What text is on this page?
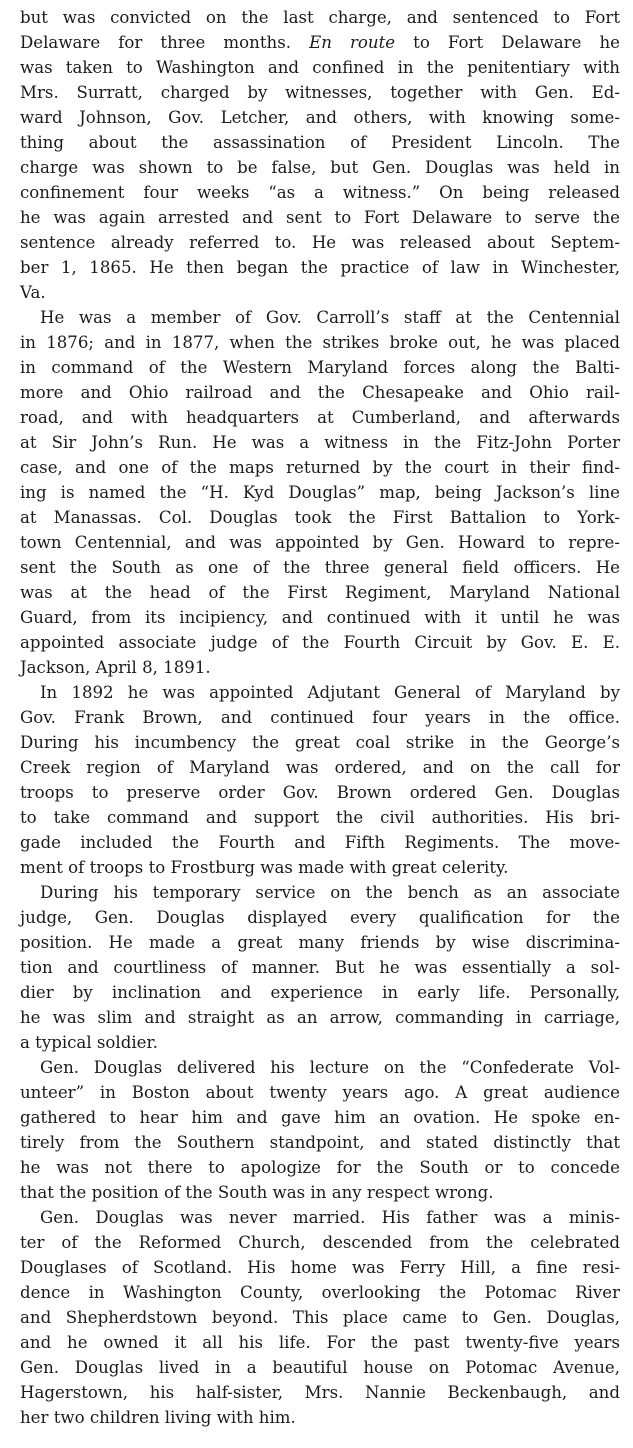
but was convicted on the last charge, and sentenced to Fort

Delaware for three months. En route to Fort Delaware he

was taken to Washington and confined in the penitentiary with

Mrs. Surratt, charged by witnesses, together with Gen. Ed-

ward Johnson, Gov. Letcher, and others, with knowing some-

thing about the assassination of President Lincoln. The

charge was shown to be false, but Gen. Douglas was held in

confinement four weeks “as a witness.” On being released

he was again arrested and sent to Fort Delaware to serve the

sentence already referred to. He was released about Septem-

ber 1, 1865. He then began the practice of law in Winchester,

Va.

He was a member of Gov. Carroll’s staff at the Centennial

in 1876; and in 1877, when the strikes broke out, he was placed

in command of the Western Maryland forces along the Balti-

more and Ohio railroad and the Chesapeake and Ohio rail-

road, and with headquarters at Cumberland, and afterwards

at Sir John’s Run. He was a witness in the Fitz-John Porter

case, and one of the maps returned by the court in their find-

ing is named the “H. Kyd Douglas” map, being Jackson’s line

at Manassas. Col. Douglas took the First Battalion to York-

town Centennial, and was appointed by Gen. Howard to repre-

sent the South as one of the three general field officers. He

was at the head of the First Regiment, Maryland National

Guard, from its incipiency, and continued with it until he was

appointed associate judge of the Fourth Circuit by Gov. E. E.

Jackson, April 8, 1891.

In 1892 he was appointed Adjutant General of Maryland by

Gov. Frank Brown, and continued four years in the office.

During his incumbency the great coal strike in the George’s

Creek region of Maryland was ordered, and on the call for

troops to preserve order Gov. Brown ordered Gen. Douglas

to take command and support the civil authorities. His bri-

gade included the Fourth and Fifth Regiments. The move-

ment of troops to Frostburg was made with great celerity.

During his temporary service on the bench as an associate

judge, Gen. Douglas displayed every qualification for the

position. He made a great many friends by wise discrimina-

tion and courtliness of manner. But he was essentially a sol-

dier by inclination and experience in early life. Personally,

he was slim and straight as an arrow, commanding in carriage,

a typical soldier.

Gen. Douglas delivered his lecture on the “Confederate Vol-

unteer” in Boston about twenty years ago. A great audience

gathered to hear him and gave him an ovation. He spoke en-

tirely from the Southern standpoint, and stated distinctly that

he was not there to apologize for the South or to concede

that the position of the South was in any respect wrong.

Gen. Douglas was never married. His father was a minis-

ter of the Reformed Church, descended from the celebrated

Douglases of Scotland. His home was Ferry Hill, a fine resi-

dence in Washington County, overlooking the Potomac River

and Shepherdstown beyond. This place came to Gen. Douglas,

and he owned it all his life. For the past twenty-five years

Gen. Douglas lived in a beautiful house on Potomac Avenue,

Hagerstown, his half-sister, Mrs. Nannie Beckenbaugh, and

her two children living with him.
